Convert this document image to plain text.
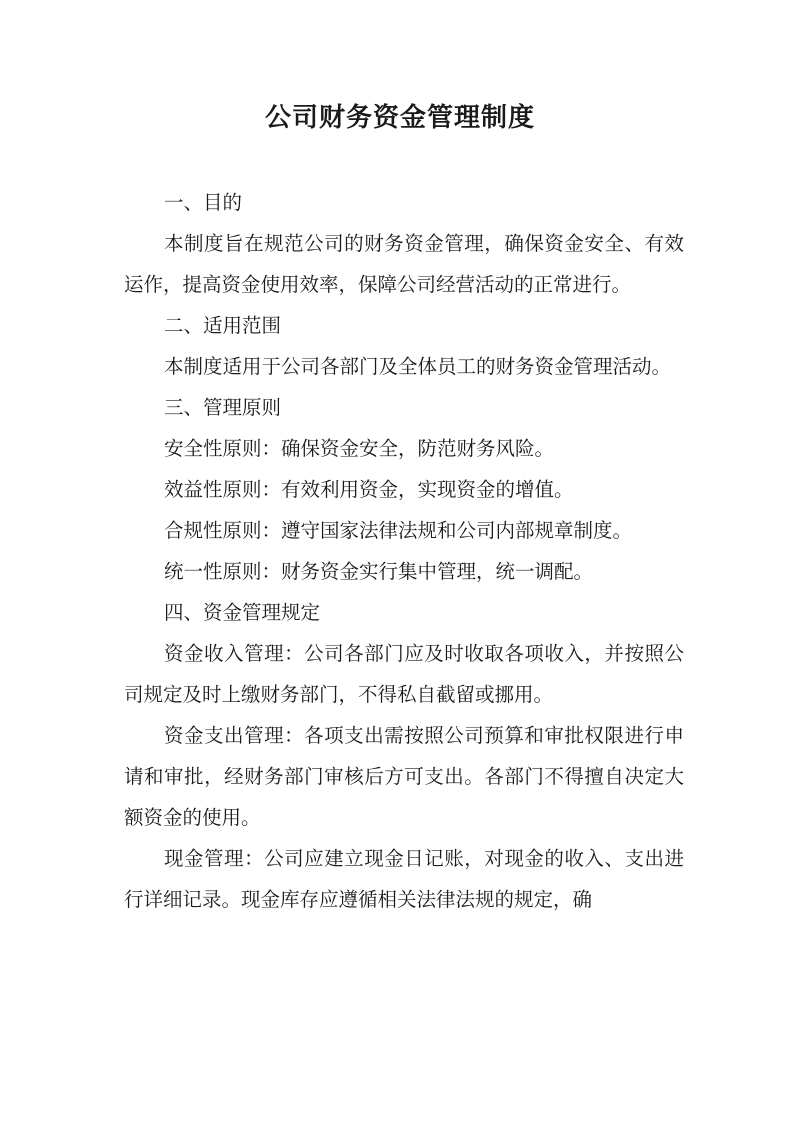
公司财务资金管理制度

一、目的

本制度旨在规范公司的财务资金管理，确保资金安全、有效运作，提高资金使用效率，保障公司经营活动的正常进行。

二、适用范围

本制度适用于公司各部门及全体员工的财务资金管理活动。

三、管理原则

安全性原则：确保资金安全，防范财务风险。

效益性原则：有效利用资金，实现资金的增值。

合规性原则：遵守国家法律法规和公司内部规章制度。

统一性原则：财务资金实行集中管理，统一调配。

四、资金管理规定

资金收入管理：公司各部门应及时收取各项收入，并按照公司规定及时上缴财务部门，不得私自截留或挪用。

资金支出管理：各项支出需按照公司预算和审批权限进行申请和审批，经财务部门审核后方可支出。各部门不得擅自决定大额资金的使用。

现金管理：公司应建立现金日记账，对现金的收入、支出进行详细记录。现金库存应遵循相关法律法规的规定，确
